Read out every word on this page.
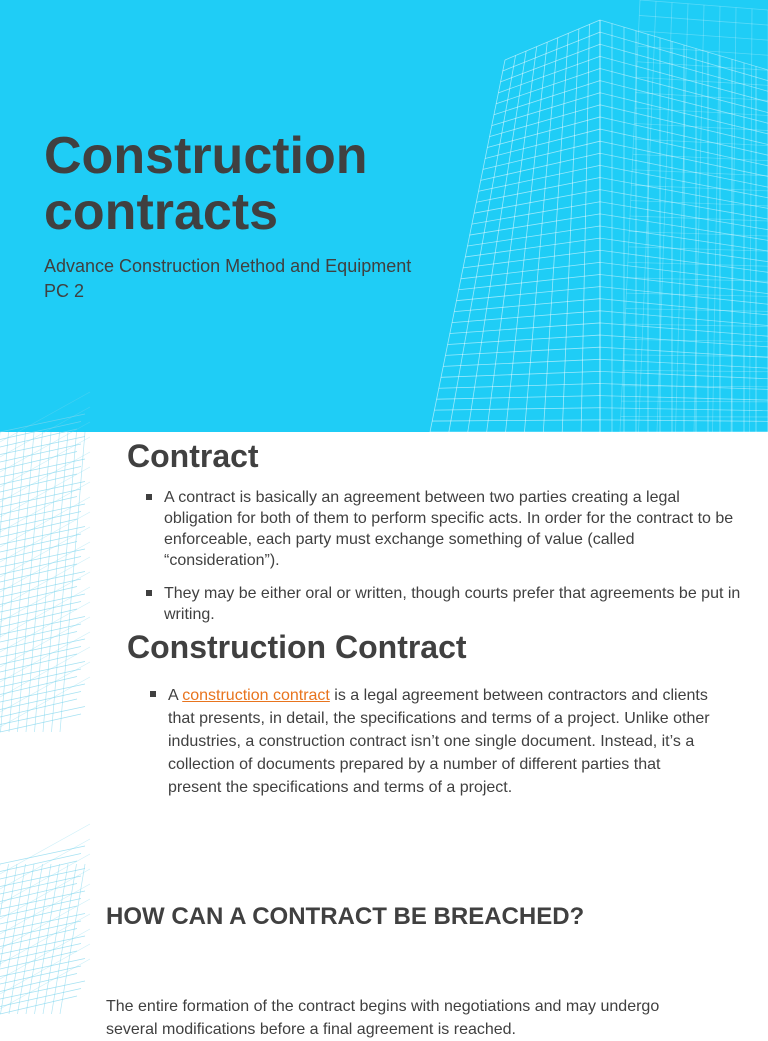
Construction
contracts
Advance Construction Method and Equipment
PC 2
Contract
A contract is basically an agreement between two parties creating a legal obligation for both of them to perform specific acts. In order for the contract to be enforceable, each party must exchange something of value (called “consideration”).
They may be either oral or written, though courts prefer that agreements be put in writing.
Construction Contract
A construction contract is a legal agreement between contractors and clients that presents, in detail, the specifications and terms of a project. Unlike other industries, a construction contract isn’t one single document. Instead, it’s a collection of documents prepared by a number of different parties that present the specifications and terms of a project.
HOW CAN A CONTRACT BE BREACHED?

The entire formation of the contract begins with negotiations and may undergo several modifications before a final agreement is reached.
